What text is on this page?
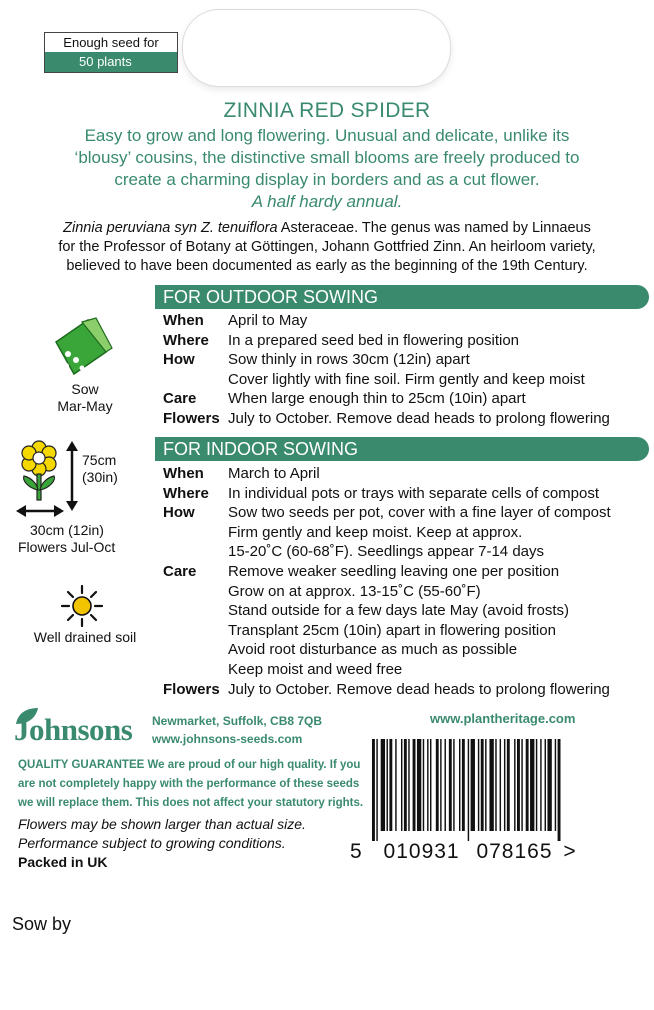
Enough seed for
50 plants
ZINNIA RED SPIDER
Easy to grow and long flowering. Unusual and delicate, unlike its
‘blousy’ cousins, the distinctive small blooms are freely produced to
create a charming display in borders and as a cut flower.
A half hardy annual.
Zinnia peruviana syn Z. tenuiflora Asteraceae. The genus was named by Linnaeus
for the Professor of Botany at Göttingen, Johann Gottfried Zinn. An heirloom variety,
believed to have been documented as early as the beginning of the 19th Century.
FOR OUTDOOR SOWING
When	April to May
Where	In a prepared seed bed in flowering position
How	Sow thinly in rows 30cm (12in) apart
Cover lightly with fine soil. Firm gently and keep moist
Care	When large enough thin to 25cm (10in) apart
Flowers July to October. Remove dead heads to prolong flowering
FOR INDOOR SOWING
When	March to April
Where	In individual pots or trays with separate cells of compost
How	Sow two seeds per pot, cover with a fine layer of compost
Firm gently and keep moist. Keep at approx.
15-20˚C (60-68˚F). Seedlings appear 7-14 days
Care	Remove weaker seedling leaving one per position
Grow on at approx. 13-15˚C (55-60˚F)
Stand outside for a few days late May (avoid frosts)
Transplant 25cm (10in) apart in flowering position
Avoid root disturbance as much as possible
Keep moist and weed free
Flowers July to October. Remove dead heads to prolong flowering
Sow
Mar-May
75cm
(30in)
30cm (12in)
Flowers Jul-Oct
Well drained soil
Johnsons Newmarket, Suffolk, CB8 7QB
www.johnsons-seeds.com
www.plantheritage.com
QUALITY GUARANTEE We are proud of our high quality. If you
are not completely happy with the performance of these seeds
we will replace them. This does not affect your statutory rights.
Flowers may be shown larger than actual size.
Performance subject to growing conditions.
Packed in UK	5 010931 078165 >
Sow by
